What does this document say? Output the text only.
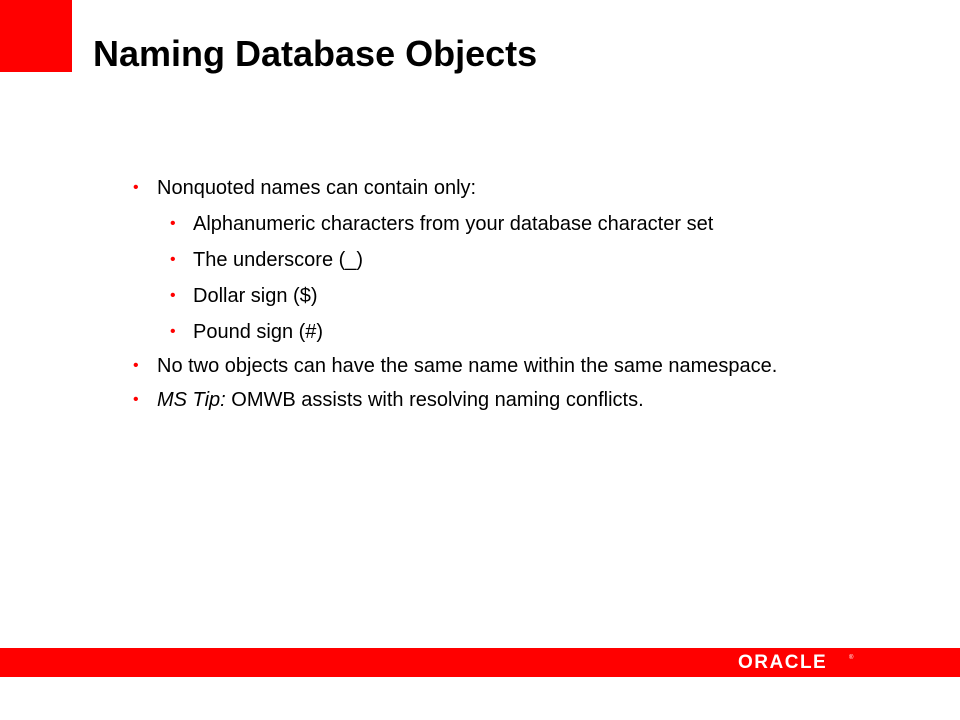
Naming Database Objects
• Nonquoted names can contain only:
• Alphanumeric characters from your database character set
• The underscore (_)
• Dollar sign ($)
• Pound sign (#)
• No two objects can have the same name within the same namespace.
• MS Tip: OMWB assists with resolving naming conflicts.
ORACLE	®
